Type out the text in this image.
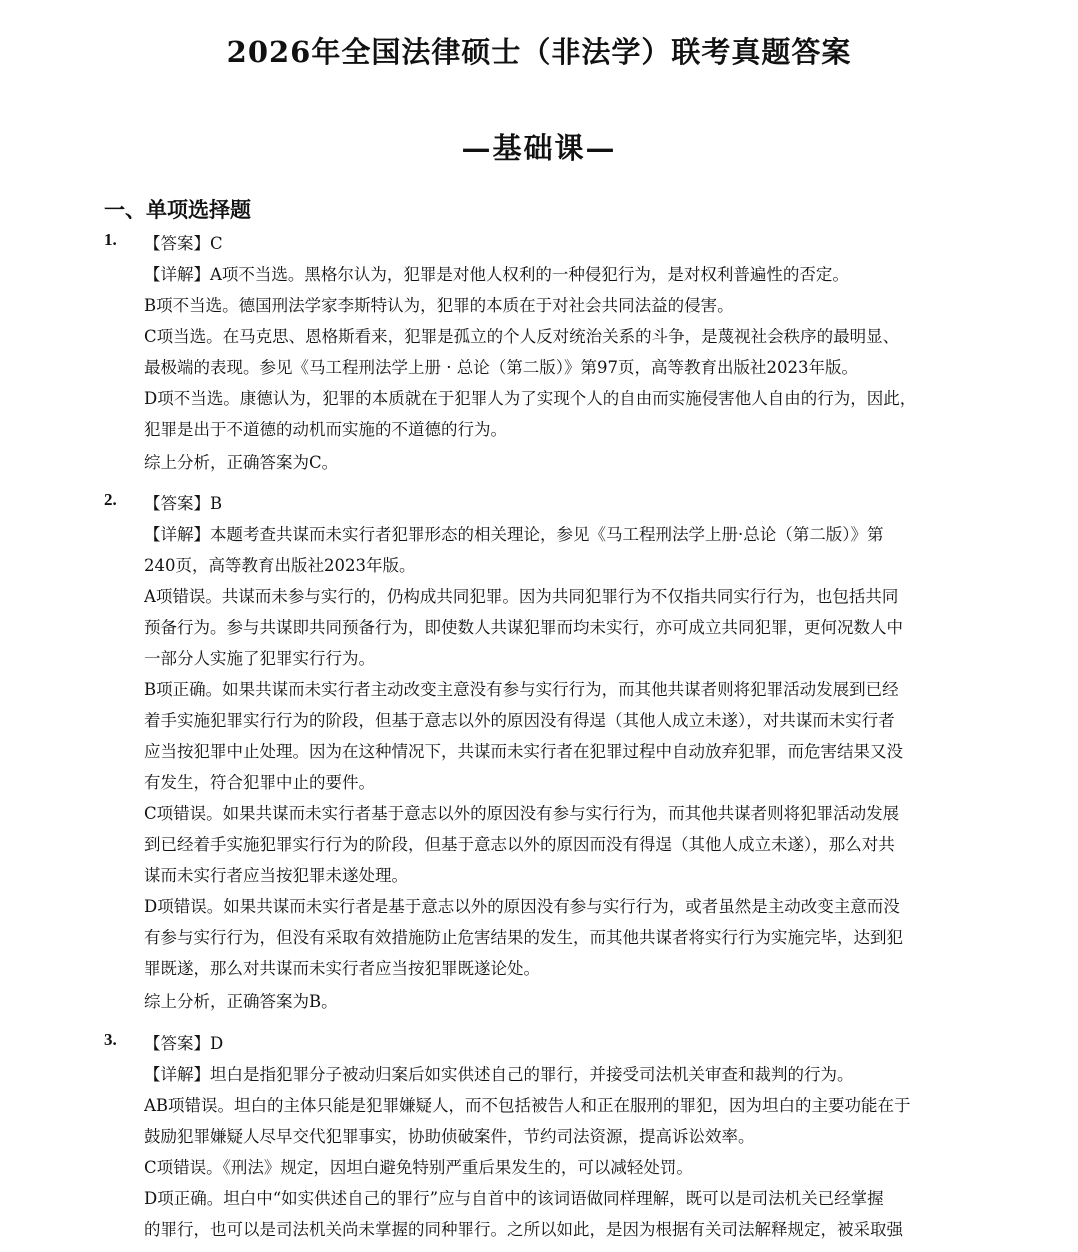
2026年全国法律硕士（非法学）联考真题答案
—基础课—
一、单项选择题
1. 【答案】C
【详解】A项不当选。黑格尔认为，犯罪是对他人权利的一种侵犯行为，是对权利普遍性的否定。
B项不当选。德国刑法学家李斯特认为，犯罪的本质在于对社会共同法益的侵害。
C项当选。在马克思、恩格斯看来，犯罪是孤立的个人反对统治关系的斗争，是蔑视社会秩序的最明显、
最极端的表现。参见《马工程刑法学上册 · 总论（第二版）》第97页，高等教育出版社2023年版。
D项不当选。康德认为，犯罪的本质就在于犯罪人为了实现个人的自由而实施侵害他人自由的行为，因此，
犯罪是出于不道德的动机而实施的不道德的行为。
综上分析，正确答案为C。
2. 【答案】B
【详解】本题考查共谋而未实行者犯罪形态的相关理论，参见《马工程刑法学上册·总论（第二版）》第
240页，高等教育出版社2023年版。
A项错误。共谋而未参与实行的，仍构成共同犯罪。因为共同犯罪行为不仅指共同实行行为，也包括共同
预备行为。参与共谋即共同预备行为，即使数人共谋犯罪而均未实行，亦可成立共同犯罪，更何况数人中
一部分人实施了犯罪实行行为。
B项正确。如果共谋而未实行者主动改变主意没有参与实行行为，而其他共谋者则将犯罪活动发展到已经
着手实施犯罪实行行为的阶段，但基于意志以外的原因没有得逞（其他人成立未遂），对共谋而未实行者
应当按犯罪中止处理。因为在这种情况下，共谋而未实行者在犯罪过程中自动放弃犯罪，而危害结果又没
有发生，符合犯罪中止的要件。
C项错误。如果共谋而未实行者基于意志以外的原因没有参与实行行为，而其他共谋者则将犯罪活动发展
到已经着手实施犯罪实行行为的阶段，但基于意志以外的原因而没有得逞（其他人成立未遂），那么对共
谋而未实行者应当按犯罪未遂处理。
D项错误。如果共谋而未实行者是基于意志以外的原因没有参与实行行为，或者虽然是主动改变主意而没
有参与实行行为，但没有采取有效措施防止危害结果的发生，而其他共谋者将实行行为实施完毕，达到犯
罪既遂，那么对共谋而未实行者应当按犯罪既遂论处。
综上分析，正确答案为B。
3. 【答案】D
【详解】坦白是指犯罪分子被动归案后如实供述自己的罪行，并接受司法机关审查和裁判的行为。
AB项错误。坦白的主体只能是犯罪嫌疑人，而不包括被告人和正在服刑的罪犯，因为坦白的主要功能在于
鼓励犯罪嫌疑人尽早交代犯罪事实，协助侦破案件，节约司法资源，提高诉讼效率。
C项错误。《刑法》规定，因坦白避免特别严重后果发生的，可以减轻处罚。
D项正确。坦白中“如实供述自己的罪行”应与自首中的该词语做同样理解，既可以是司法机关已经掌握
的罪行，也可以是司法机关尚未掌握的同种罪行。之所以如此，是因为根据有关司法解释规定，被采取强
